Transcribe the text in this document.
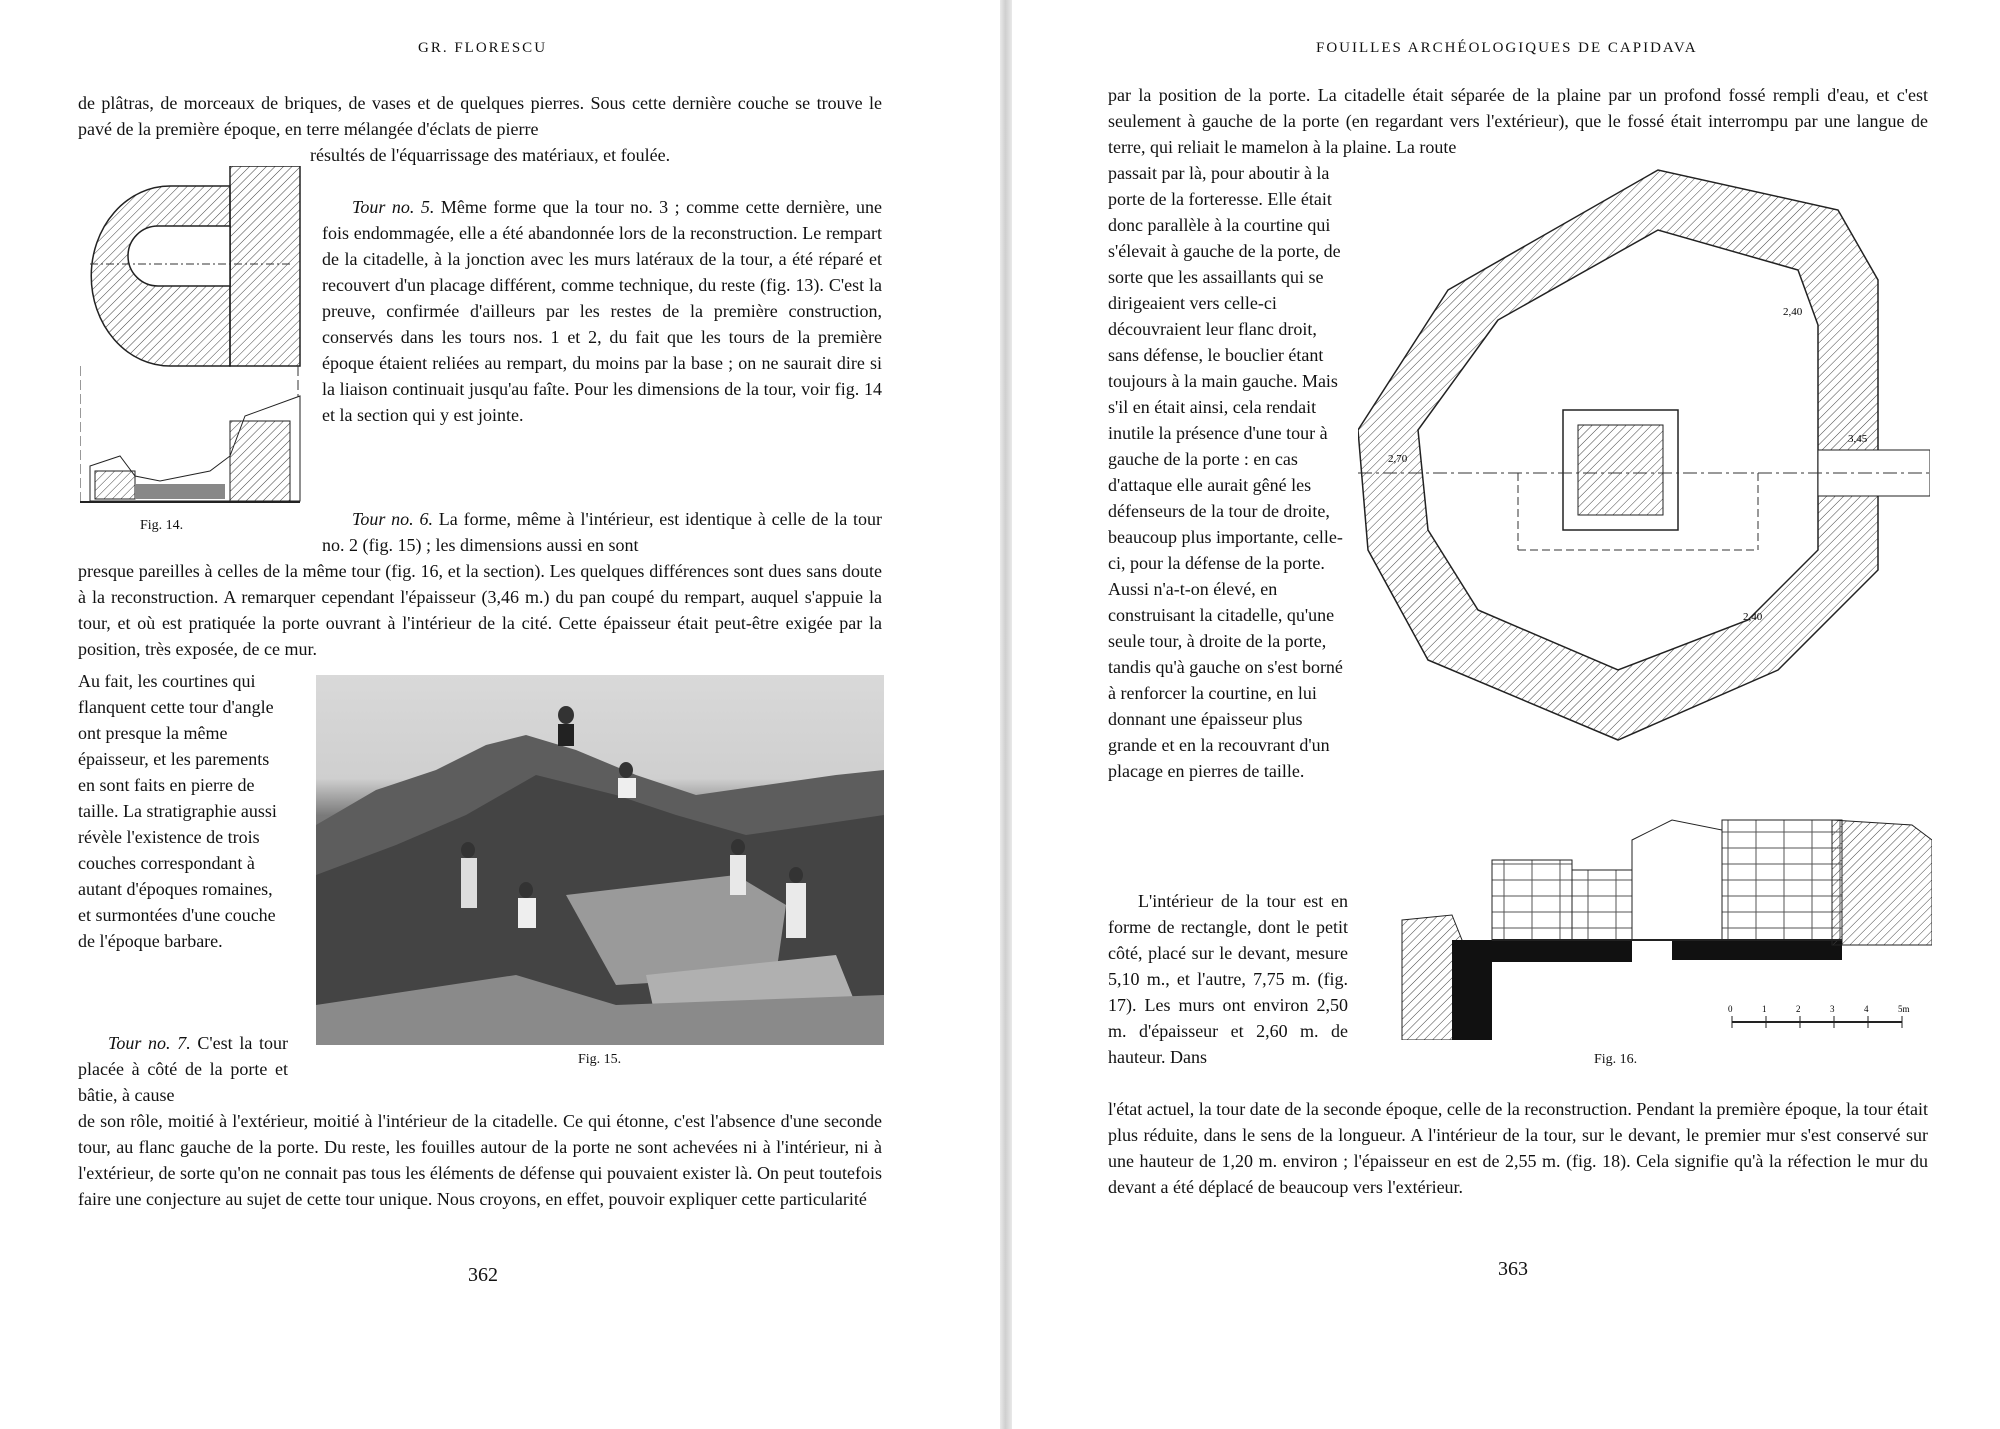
GR. FLORESCU

de plâtras, de morceaux de briques, de vases et de quelques pierres. Sous cette dernière couche se trouve le pavé de la première époque, en terre mélangée d'éclats de pierre

résultés de l'équarrissage des matériaux, et foulée.

Fig. 14.

Tour no. 5. Même forme que la tour no. 3 ; comme cette dernière, une fois endommagée, elle a été abandonnée lors de la reconstruction. Le rempart de la citadelle, à la jonction avec les murs latéraux de la tour, a été réparé et recouvert d'un placage différent, comme technique, du reste (fig. 13). C'est la preuve, confirmée d'ailleurs par les restes de la première construction, conservés dans les tours nos. 1 et 2, du fait que les tours de la première époque étaient reliées au rempart, du moins par la base ; on ne saurait dire si la liaison continuait jusqu'au faîte. Pour les dimensions de la tour, voir fig. 14 et la section qui y est jointe.

Tour no. 6. La forme, même à l'intérieur, est identique à celle de la tour no. 2 (fig. 15) ; les dimensions aussi en sont

presque pareilles à celles de la même tour (fig. 16, et la section). Les quelques différences sont dues sans doute à la reconstruction. A remarquer cependant l'épaisseur (3,46 m.) du pan coupé du rempart, auquel s'appuie la tour, et où est pratiquée la porte ouvrant à l'intérieur de la cité. Cette épaisseur était peut-être exigée par la position, très exposée, de ce mur.

Au fait, les courtines qui flanquent cette tour d'angle ont presque la même épaisseur, et les parements en sont faits en pierre de taille. La stratigraphie aussi révèle l'existence de trois couches correspondant à autant d'époques romaines, et surmontées d'une couche de l'époque barbare.

Fig. 15.

Tour no. 7. C'est la tour placée à côté de la porte et bâtie, à cause

de son rôle, moitié à l'extérieur, moitié à l'intérieur de la citadelle. Ce qui étonne, c'est l'absence d'une seconde tour, au flanc gauche de la porte. Du reste, les fouilles autour de la porte ne sont achevées ni à l'intérieur, ni à l'extérieur, de sorte qu'on ne connait pas tous les éléments de défense qui pouvaient exister là. On peut toutefois faire une conjecture au sujet de cette tour unique. Nous croyons, en effet, pouvoir expliquer cette particularité

362
FOUILLES ARCHÉOLOGIQUES DE CAPIDAVA

par la position de la porte. La citadelle était séparée de la plaine par un profond fossé rempli d'eau, et c'est seulement à gauche de la porte (en regardant vers l'extérieur), que le fossé était interrompu par une langue de terre, qui reliait le mamelon à la plaine. La route

passait par là, pour aboutir à la porte de la forteresse. Elle était donc parallèle à la courtine qui s'élevait à gauche de la porte, de sorte que les assaillants qui se dirigeaient vers celle-ci découvraient leur flanc droit, sans défense, le bouclier étant toujours à la main gauche. Mais s'il en était ainsi, cela rendait inutile la présence d'une tour à gauche de la porte : en cas d'attaque elle aurait gêné les défenseurs de la tour de droite, beaucoup plus importante, celle-ci, pour la défense de la porte. Aussi n'a-t-on élevé, en construisant la citadelle, qu'une seule tour, à droite de la porte, tandis qu'à gauche on s'est borné à renforcer la courtine, en lui donnant une épaisseur plus grande et en la recouvrant d'un placage en pierres de taille.

L'intérieur de la tour est en forme de rectangle, dont le petit côté, placé sur le devant, mesure 5,10 m., et l'autre, 7,75 m. (fig. 17). Les murs ont environ 2,50 m. d'épaisseur et 2,60 m. de hauteur. Dans

l'état actuel, la tour date de la seconde époque, celle de la reconstruction. Pendant la première époque, la tour était plus réduite, dans le sens de la longueur. A l'intérieur de la tour, sur le devant, le premier mur s'est conservé sur une hauteur de 1,20 m. environ ; l'épaisseur en est de 2,55 m. (fig. 18). Cela signifie qu'à la réfection le mur du devant a été déplacé de beaucoup vers l'extérieur.

2,40
3,45
2,70
2,40
0	1	2	3	4	5m
Fig. 16.
363
